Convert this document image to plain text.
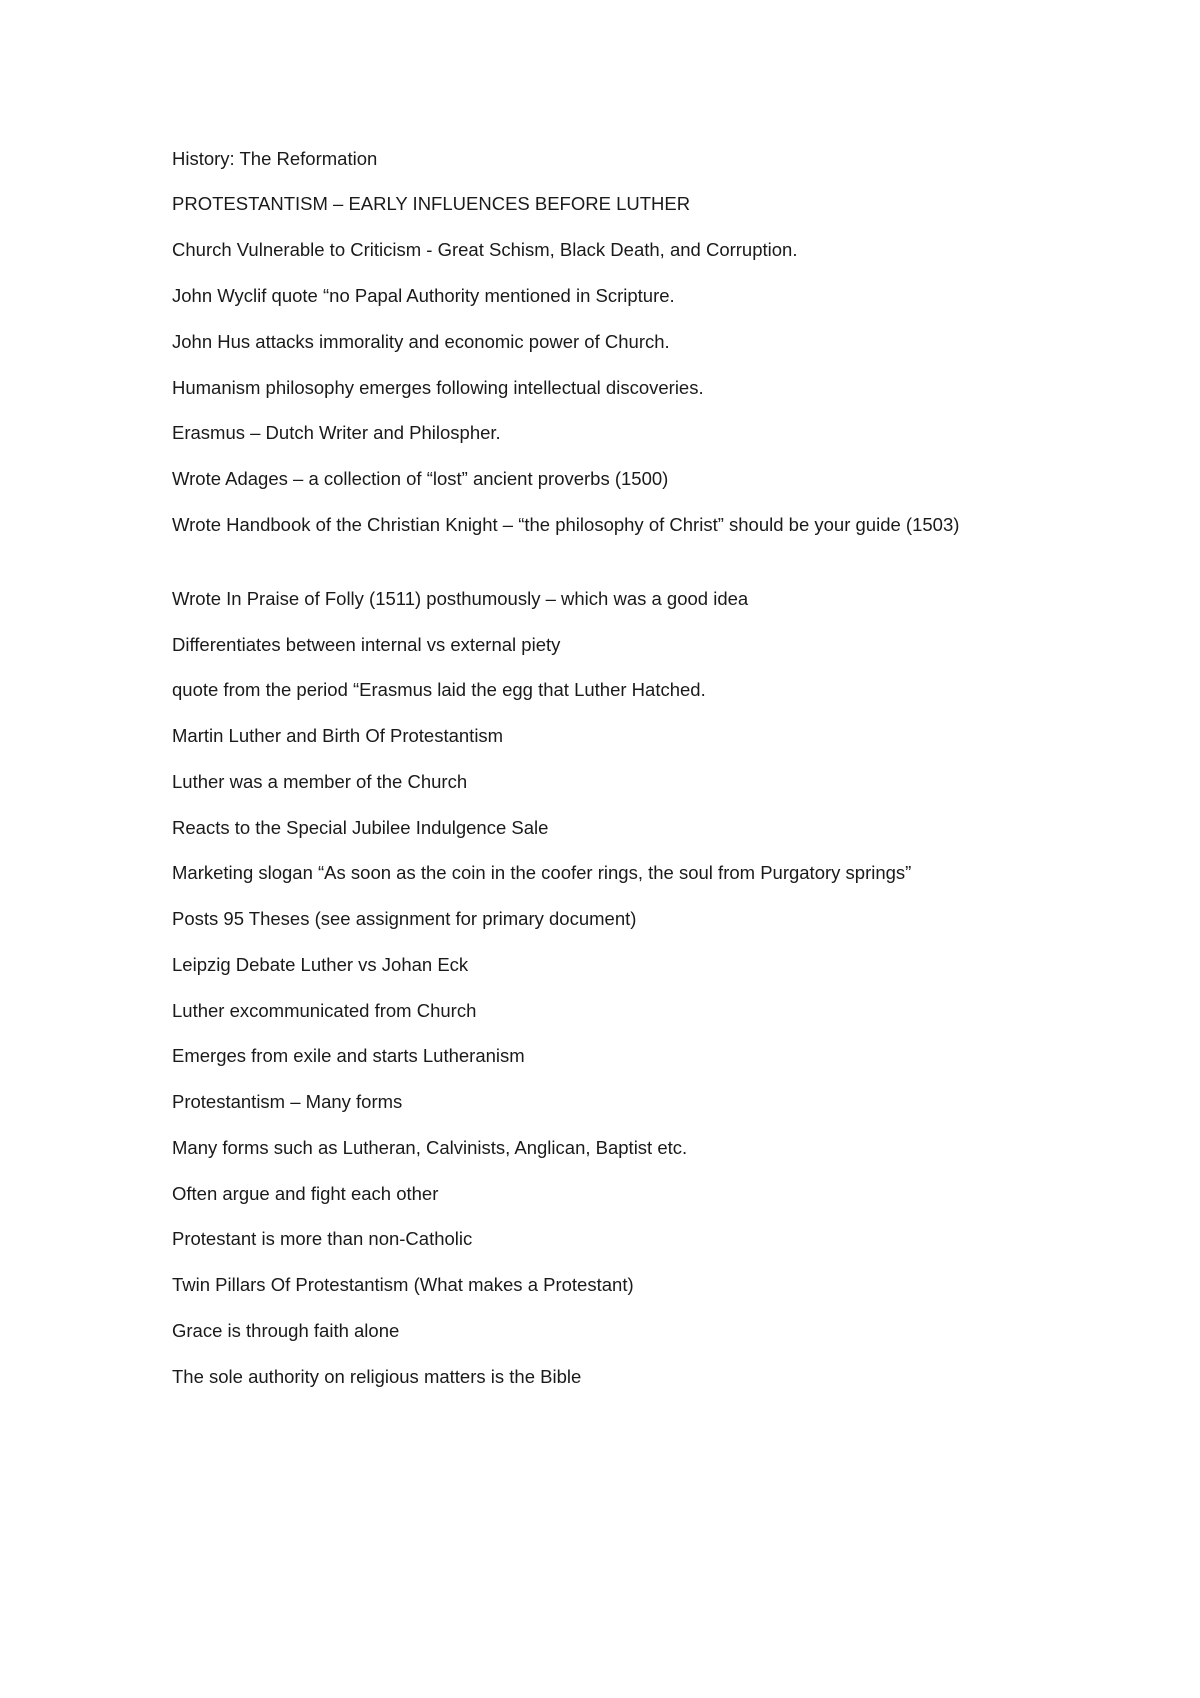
History: The Reformation

PROTESTANTISM – EARLY INFLUENCES BEFORE LUTHER

Church Vulnerable to Criticism - Great Schism, Black Death, and Corruption.

John Wyclif quote “no Papal Authority mentioned in Scripture.

John Hus attacks immorality and economic power of Church.

Humanism philosophy emerges following intellectual discoveries.

Erasmus – Dutch Writer and Philospher.

Wrote Adages – a collection of “lost” ancient proverbs (1500)

Wrote Handbook of the Christian Knight – “the philosophy of Christ” should be your guide (1503)

Wrote In Praise of Folly (1511) posthumously – which was a good idea

Differentiates between internal vs external piety

quote from the period “Erasmus laid the egg that Luther Hatched.

Martin Luther and Birth Of Protestantism

Luther was a member of the Church

Reacts to the Special Jubilee Indulgence Sale

Marketing slogan “As soon as the coin in the coofer rings, the soul from Purgatory springs”

Posts 95 Theses (see assignment for primary document)

Leipzig Debate Luther vs Johan Eck

Luther excommunicated from Church

Emerges from exile and starts Lutheranism

Protestantism – Many forms

Many forms such as Lutheran, Calvinists, Anglican, Baptist etc.

Often argue and fight each other

Protestant is more than non-Catholic

Twin Pillars Of Protestantism (What makes a Protestant)

Grace is through faith alone

The sole authority on religious matters is the Bible
